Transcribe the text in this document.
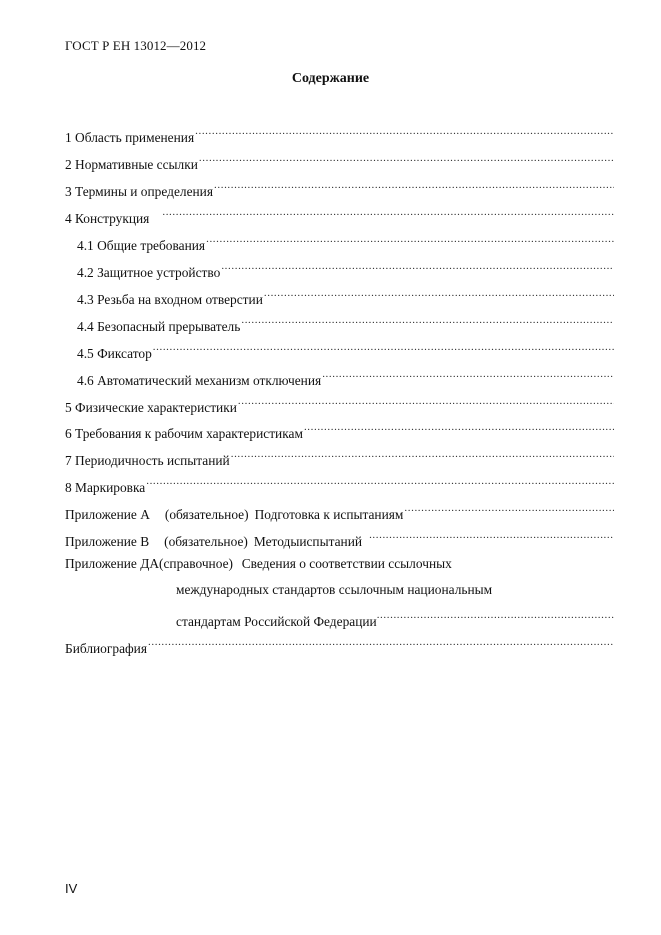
ГОСТ Р ЕН 13012—2012
Содержание
1 Область применения
.....
2 Нормативные ссылки
.....
3 Термины и определения
.....
4 Конструкция
.....
4.1 Общие требования
.....
4.2 Защитное устройство
.....
4.3 Резьба на входном отверстии
.....
4.4 Безопасный прерыватель
.....
4.5 Фиксатор
.....
4.6 Автоматический механизм отключения
.....
5 Физические характеристики
.....
6 Требования к рабочим характеристикам
.....
7 Периодичность испытаний
.....
8 Маркировка
.....
Приложение А (обязательное) Подготовка к испытаниям
.....
Приложение В (обязательное) Методыиспытаний
.....
Приложение ДА(справочное) Сведения о соответствии ссылочных
международных стандартов ссылочным национальным
стандартам Российской Федерации
.....
Библиография
.....
IV
